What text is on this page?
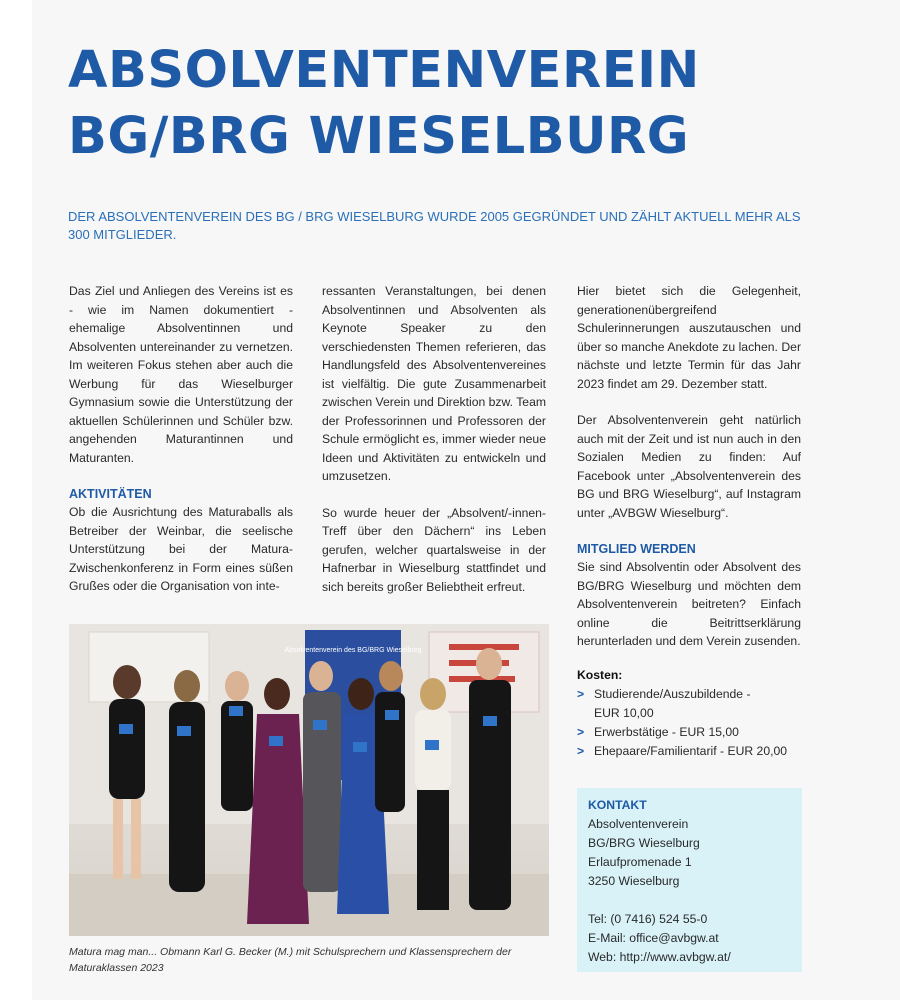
ABSOLVENTENVEREIN
BG/BRG WIESELBURG

DER ABSOLVENTENVEREIN DES BG / BRG WIESELBURG WURDE 2005 GEGRÜNDET UND ZÄHLT AKTUELL MEHR ALS 300 MITGLIEDER.

Das Ziel und Anliegen des Vereins ist es - wie im Namen dokumentiert - ehemalige Absolventinnen und Absolventen untereinander zu vernetzen. Im weiteren Fokus stehen aber auch die Werbung für das Wieselburger Gymnasium sowie die Unterstützung der aktuellen Schülerinnen und Schüler bzw. angehenden Maturantinnen und Maturanten.

AKTIVITÄTEN

Ob die Ausrichtung des Maturaballs als Betreiber der Weinbar, die seelische Unterstützung bei der Matura-Zwischenkonferenz in Form eines süßen Grußes oder die Organisation von inte-

ressanten Veranstaltungen, bei denen Absolventinnen und Absolventen als Keynote Speaker zu den verschiedensten Themen referieren, das Handlungsfeld des Absolventenvereines ist vielfältig. Die gute Zusammenarbeit zwischen Verein und Direktion bzw. Team der Professorinnen und Professoren der Schule ermöglicht es, immer wieder neue Ideen und Aktivitäten zu entwickeln und umzusetzen.

So wurde heuer der „Absolvent/-innen-Treff über den Dächern“ ins Leben gerufen, welcher quartalsweise in der Hafnerbar in Wieselburg stattfindet und sich bereits großer Beliebtheit erfreut.

Hier bietet sich die Gelegenheit, generationenübergreifend Schulerinnerungen auszutauschen und über so manche Anekdote zu lachen. Der nächste und letzte Termin für das Jahr 2023 findet am 29. Dezember statt.

Der Absolventenverein geht natürlich auch mit der Zeit und ist nun auch in den Sozialen Medien zu finden: Auf Facebook unter „Absolventenverein des BG und BRG Wieselburg“, auf Instagram unter „AVBGW Wieselburg“.

MITGLIED WERDEN

Sie sind Absolventin oder Absolvent des BG/BRG Wieselburg und möchten dem Absolventenverein beitreten? Einfach online die Beitrittserklärung herunterladen und dem Verein zusenden.

Absolventenverein des BG/BRG Wieselburg

Matura mag man... Obmann Karl G. Becker (M.) mit Schulsprechern und Klassensprechern der Maturaklassen 2023

Kosten:

> Studierende/Auszubildende -
EUR 10,00
> Erwerbstätige - EUR 15,00
> Ehepaare/Familientarif - EUR 20,00

KONTAKT

Absolventenverein
BG/BRG Wieselburg
Erlaufpromenade 1
3250 Wieselburg
Tel: (0 7416) 524 55-0
E-Mail: office@avbgw.at
Web: http://www.avbgw.at/
